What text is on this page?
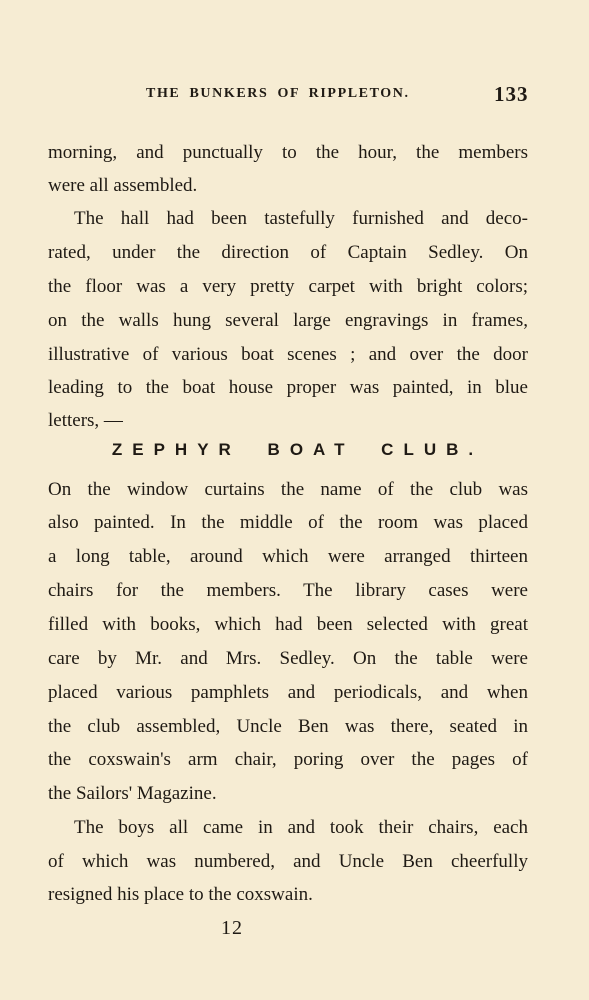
THE BUNKERS OF RIPPLETON.	133
morning, and punctually to the hour, the members
were all assembled.
The hall had been tastefully furnished and deco-
rated, under the direction of Captain Sedley. On
the floor was a very pretty carpet with bright colors;
on the walls hung several large engravings in frames,
illustrative of various boat scenes ; and over the door
leading to the boat house proper was painted, in blue
letters, —
ZEPHYR BOAT CLUB.
On the window curtains the name of the club was
also painted. In the middle of the room was placed
a long table, around which were arranged thirteen
chairs for the members. The library cases were
filled with books, which had been selected with great
care by Mr. and Mrs. Sedley. On the table were
placed various pamphlets and periodicals, and when
the club assembled, Uncle Ben was there, seated in
the coxswain's arm chair, poring over the pages of
the Sailors' Magazine.
The boys all came in and took their chairs, each
of which was numbered, and Uncle Ben cheerfully
resigned his place to the coxswain.
12
